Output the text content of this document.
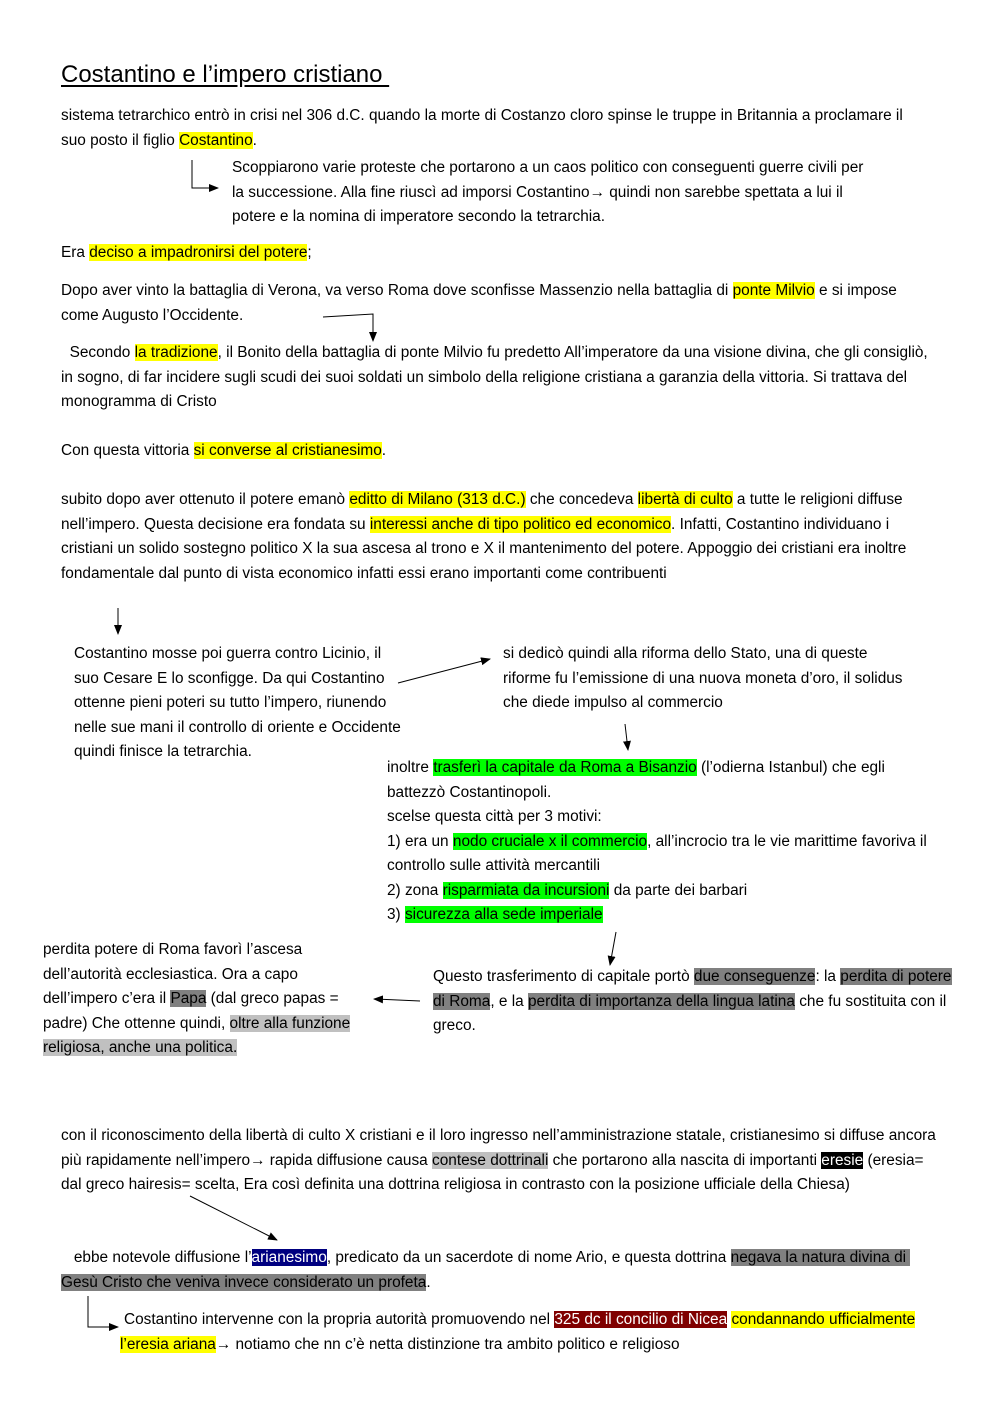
Costantino e l’impero cristiano

sistema tetrarchico entrò in crisi nel 306 d.C. quando la morte di Costanzo cloro spinse le truppe in Britannia a proclamare il suo posto il figlio Costantino.

Scoppiarono varie proteste che portarono a un caos politico con conseguenti guerre civili per la successione. Alla fine riuscì ad imporsi Costantino→ quindi non sarebbe spettata a lui il potere e la nomina di imperatore secondo la tetrarchia.

Era deciso a impadronirsi del potere;

Dopo aver vinto la battaglia di Verona, va verso Roma dove sconfisse Massenzio nella battaglia di ponte Milvio e si impose come Augusto l’Occidente.

Secondo la tradizione, il Bonito della battaglia di ponte Milvio fu predetto All’imperatore da una visione divina, che gli consigliò, in sogno, di far incidere sugli scudi dei suoi soldati un simbolo della religione cristiana a garanzia della vittoria. Si trattava del monogramma di Cristo

Con questa vittoria si converse al cristianesimo.

subito dopo aver ottenuto il potere emanò editto di Milano (313 d.C.) che concedeva libertà di culto a tutte le religioni diffuse nell’impero. Questa decisione era fondata su interessi anche di tipo politico ed economico. Infatti, Costantino individuano i cristiani un solido sostegno politico X la sua ascesa al trono e X il mantenimento del potere. Appoggio dei cristiani era inoltre fondamentale dal punto di vista economico infatti essi erano importanti come contribuenti

Costantino mosse poi guerra contro Licinio, il suo Cesare E lo sconfigge. Da qui Costantino ottenne pieni poteri su tutto l’impero, riunendo nelle sue mani il controllo di oriente e Occidente quindi finisce la tetrarchia.

si dedicò quindi alla riforma dello Stato, una di queste riforme fu l’emissione di una nuova moneta d’oro, il solidus che diede impulso al commercio

inoltre trasferì la capitale da Roma a Bisanzio (l’odierna Istanbul) che egli battezzò Costantinopoli.
scelse questa città per 3 motivi:
1) era un nodo cruciale x il commercio, all’incrocio tra le vie marittime favoriva il controllo sulle attività mercantili
2) zona risparmiata da incursioni da parte dei barbari
3) sicurezza alla sede imperiale

Questo trasferimento di capitale portò due conseguenze: la perdita di potere di Roma, e la perdita di importanza della lingua latina che fu sostituita con il greco.

perdita potere di Roma favorì l’ascesa dell’autorità ecclesiastica. Ora a capo dell’impero c’era il Papa (dal greco papas = padre) Che ottenne quindi, oltre alla funzione religiosa, anche una politica.

con il riconoscimento della libertà di culto X cristiani e il loro ingresso nell’amministrazione statale, cristianesimo si diffuse ancora più rapidamente nell’impero→ rapida diffusione causa contese dottrinali che portarono alla nascita di importanti eresie (eresia= dal greco hairesis= scelta, Era così definita una dottrina religiosa in contrasto con la posizione ufficiale della Chiesa)

ebbe notevole diffusione l’arianesimo, predicato da un sacerdote di nome Ario, e questa dottrina negava la natura divina di Gesù Cristo che veniva invece considerato un profeta.

Costantino intervenne con la propria autorità promuovendo nel 325 dc il concilio di Nicea condannando ufficialmente l’eresia ariana→ notiamo che nn c’è netta distinzione tra ambito politico e religioso
